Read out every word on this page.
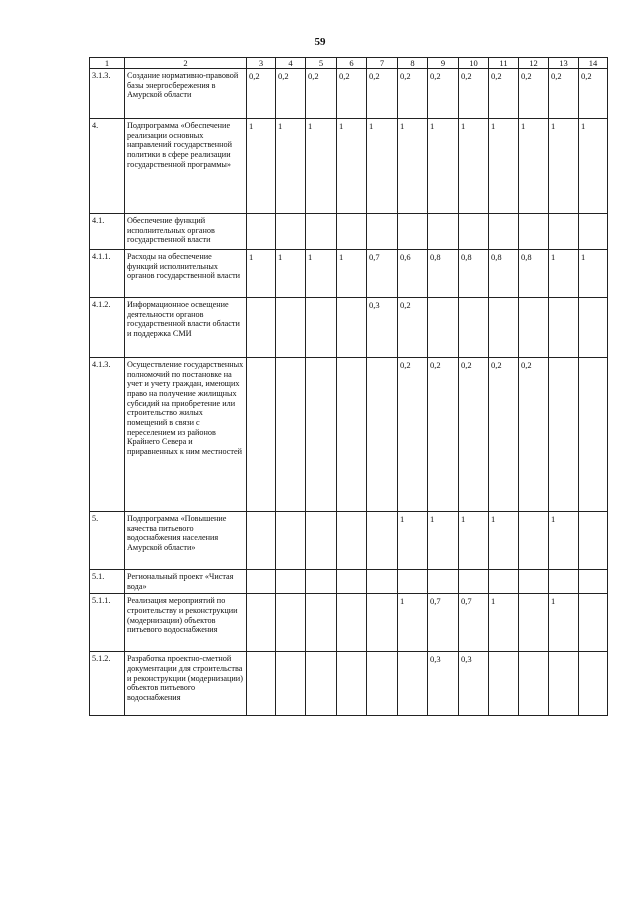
59
1	2	3	4	5	6	7	8	9	10	11	12	13	14
3.1.3.	Создание нормативно-правовой базы энергосбережения в Амурской области	0,2	0,2	0,2	0,2	0,2	0,2	0,2	0,2	0,2	0,2	0,2	0,2
4.	Подпрограмма «Обеспечение реализации основных направлений государственной политики в сфере реализации государственной программы»	1	1	1	1	1	1	1	1	1	1	1	1
4.1.	Обеспечение функций исполнительных органов государственной власти												
4.1.1.	Расходы на обеспечение функций исполнительных органов государственной власти	1	1	1	1	0,7	0,6	0,8	0,8	0,8	0,8	1	1
4.1.2.	Информационное освещение деятельности органов государственной власти области и поддержка СМИ					0,3	0,2						
4.1.3.	Осуществление государственных полномочий по постановке на учет и учету граждан, имеющих право на получение жилищных субсидий на приобретение или строительство жилых помещений в связи с переселением из районов Крайнего Севера и приравненных к ним местностей						0,2	0,2	0,2	0,2	0,2		
5.	Подпрограмма «Повышение качества питьевого водоснабжения населения Амурской области»						1	1	1	1		1	
5.1.	Региональный проект «Чистая вода»												
5.1.1.	Реализация мероприятий по строительству и реконструкции (модернизации) объектов питьевого водоснабжения						1	0,7	0,7	1		1	
5.1.2.	Разработка проектно-сметной документации для строительства и реконструкции (модернизации) объектов питьевого водоснабжения							0,3	0,3				
